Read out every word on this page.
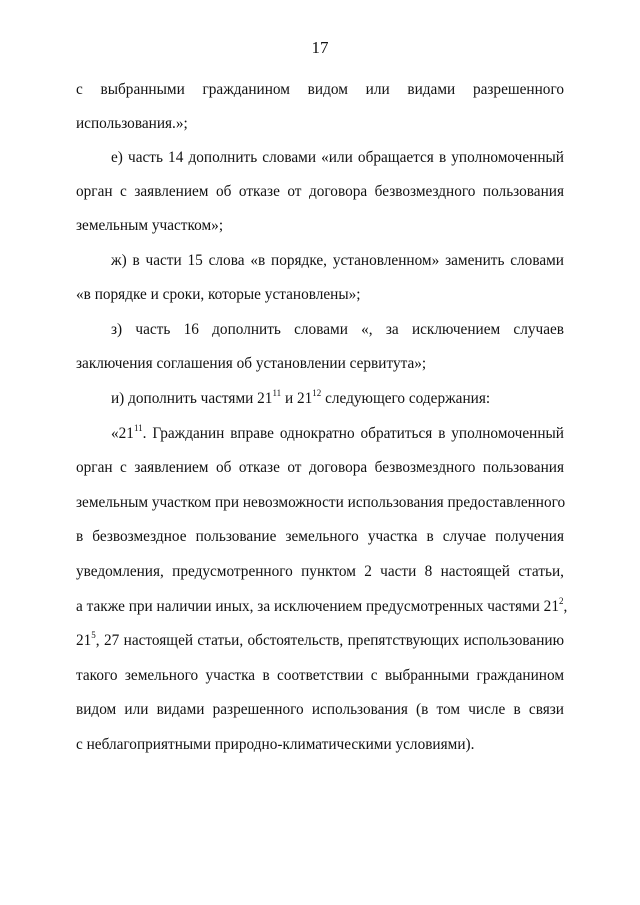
17
с выбранными гражданином видом или видами разрешенного
использования.»;
е) часть 14 дополнить словами «или обращается в уполномоченный
орган с заявлением об отказе от договора безвозмездного пользования
земельным участком»;
ж) в части 15 слова «в порядке, установленном» заменить словами
«в порядке и сроки, которые установлены»;
з) часть 16 дополнить словами «, за исключением случаев
заключения соглашения об установлении сервитута»;
и) дополнить частями $21^{11}$ и $21^{12}$ следующего содержания:
«$21^{11}$. Гражданин вправе однократно обратиться в уполномоченный
орган с заявлением об отказе от договора безвозмездного пользования
земельным участком при невозможности использования предоставленного
в безвозмездное пользование земельного участка в случае получения
уведомления, предусмотренного пунктом 2 части 8 настоящей статьи,
а также при наличии иных, за исключением предусмотренных частями $21^2$,
$21^5$, 27 настоящей статьи, обстоятельств, препятствующих использованию
такого земельного участка в соответствии с выбранными гражданином
видом или видами разрешенного использования (в том числе в связи
с неблагоприятными природно-климатическими условиями).
